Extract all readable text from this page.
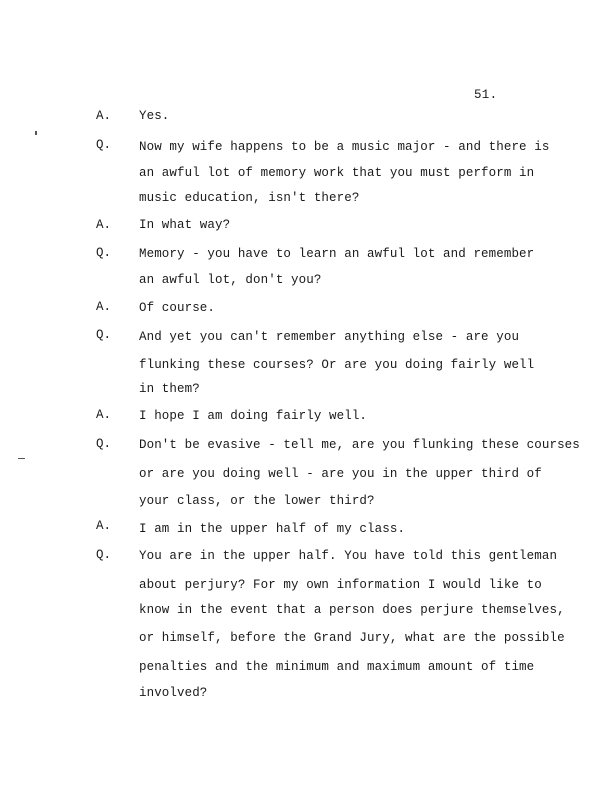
51.
A. Yes.
Q. Now my wife happens to be a music major - and there is
an awful lot of memory work that you must perform in
music education, isn't there?
A. In what way?
Q. Memory - you have to learn an awful lot and remember
an awful lot, don't you?
A. Of course.
Q. And yet you can't remember anything else - are you
flunking these courses? Or are you doing fairly well
in them?
A. I hope I am doing fairly well.
Q. Don't be evasive - tell me, are you flunking these courses
or are you doing well - are you in the upper third of
your class, or the lower third?
A. I am in the upper half of my class.
Q. You are in the upper half. You have told this gentleman
about perjury? For my own information I would like to
know in the event that a person does perjure themselves,
or himself, before the Grand Jury, what are the possible
penalties and the minimum and maximum amount of time
involved?
